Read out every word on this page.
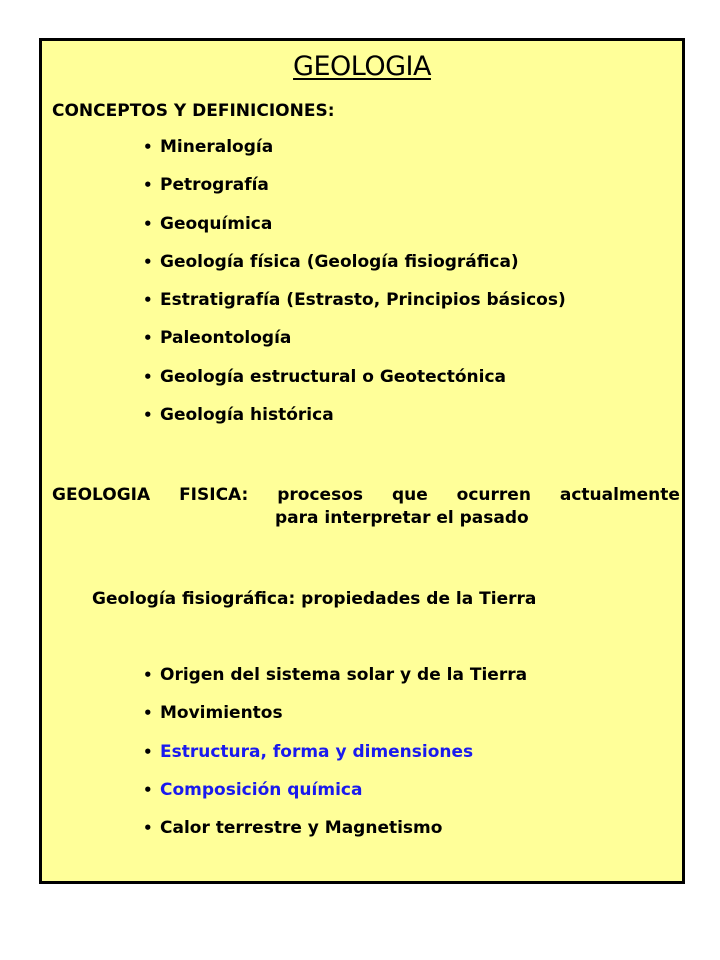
GEOLOGIA
CONCEPTOS Y DEFINICIONES:
• Mineralogía
• Petrografía
• Geoquímica
• Geología física (Geología fisiográfica)
• Estratigrafía (Estrasto, Principios básicos)
• Paleontología
• Geología estructural o Geotectónica
• Geología histórica
GEOLOGIA FISICA: procesos que ocurren actualmente
para interpretar el pasado
Geología fisiográfica: propiedades de la Tierra
• Origen del sistema solar y de la Tierra
• Movimientos
• Estructura, forma y dimensiones
• Composición química
• Calor terrestre y Magnetismo
